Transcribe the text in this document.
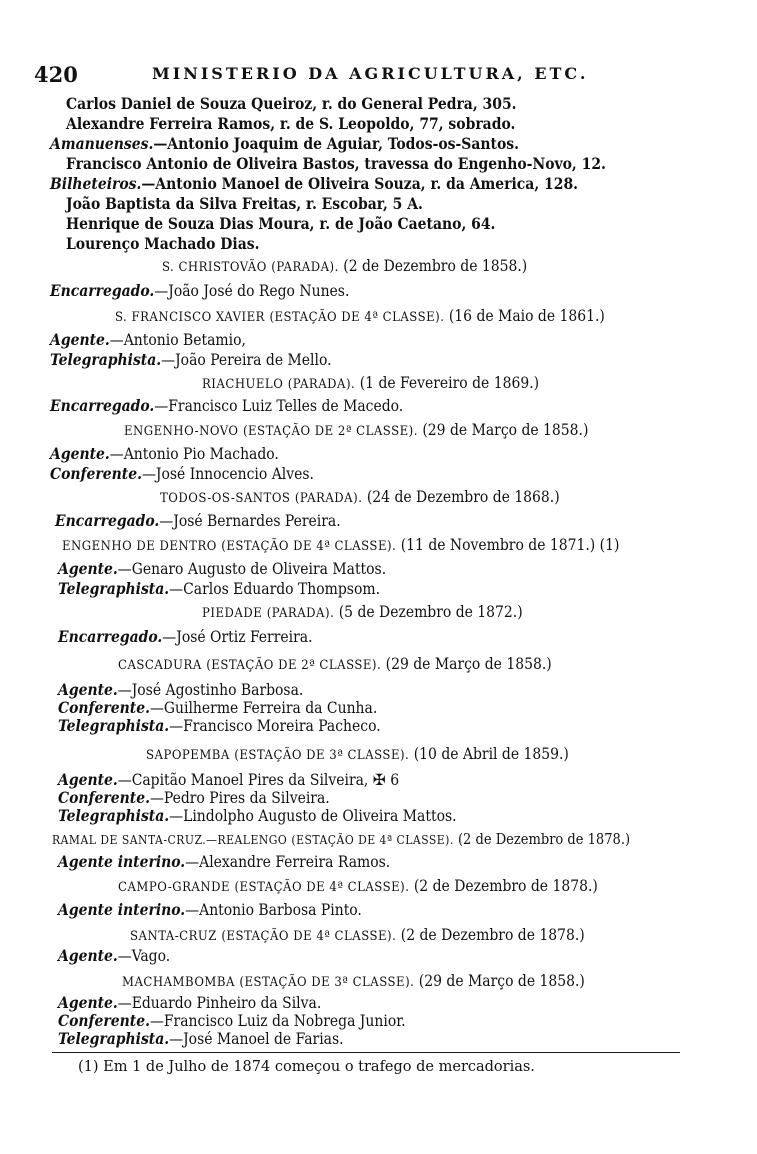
420	MINISTERIO DA AGRICULTURA, ETC.
Carlos Daniel de Souza Queiroz, r. do General Pedra, 305.
Alexandre Ferreira Ramos, r. de S. Leopoldo, 77, sobrado.
Amanuenses.—Antonio Joaquim de Aguiar, Todos-os-Santos.
Francisco Antonio de Oliveira Bastos, travessa do Engenho-Novo, 12.
Bilheteiros.—Antonio Manoel de Oliveira Souza, r. da America, 128.
João Baptista da Silva Freitas, r. Escobar, 5 A.
Henrique de Souza Dias Moura, r. de João Caetano, 64.
Lourenço Machado Dias.
S. CHRISTOVÃO (PARADA). (2 de Dezembro de 1858.)
Encarregado.—João José do Rego Nunes.
S. FRANCISCO XAVIER (ESTAÇÃO DE 4ª CLASSE). (16 de Maio de 1861.)
Agente.—Antonio Betamio,
Telegraphista.—João Pereira de Mello.
RIACHUELO (PARADA). (1 de Fevereiro de 1869.)
Encarregado.—Francisco Luiz Telles de Macedo.
ENGENHO-NOVO (ESTAÇÃO DE 2ª CLASSE). (29 de Março de 1858.)
Agente.—Antonio Pio Machado.
Conferente.—José Innocencio Alves.
TODOS-OS-SANTOS (PARADA). (24 de Dezembro de 1868.)
Encarregado.—José Bernardes Pereira.
ENGENHO DE DENTRO (ESTAÇÃO DE 4ª CLASSE). (11 de Novembro de 1871.) (1)
Agente.—Genaro Augusto de Oliveira Mattos.
Telegraphista.—Carlos Eduardo Thompsom.
PIEDADE (PARADA). (5 de Dezembro de 1872.)
Encarregado.—José Ortiz Ferreira.
CASCADURA (ESTAÇÃO DE 2ª CLASSE). (29 de Março de 1858.)
Agente.—José Agostinho Barbosa.
Conferente.—Guilherme Ferreira da Cunha.
Telegraphista.—Francisco Moreira Pacheco.
SAPOPEMBA (ESTAÇÃO DE 3ª CLASSE). (10 de Abril de 1859.)
Agente.—Capitão Manoel Pires da Silveira, ✠ 6
Conferente.—Pedro Pires da Silveira.
Telegraphista.—Lindolpho Augusto de Oliveira Mattos.
RAMAL DE SANTA-CRUZ.—REALENGO (ESTAÇÃO DE 4ª CLASSE). (2 de Dezembro de 1878.)
Agente interino.—Alexandre Ferreira Ramos.
CAMPO-GRANDE (ESTAÇÃO DE 4ª CLASSE). (2 de Dezembro de 1878.)
Agente interino.—Antonio Barbosa Pinto.
SANTA-CRUZ (ESTAÇÃO DE 4ª CLASSE). (2 de Dezembro de 1878.)
Agente.—Vago.
MACHAMBOMBA (ESTAÇÃO DE 3ª CLASSE). (29 de Março de 1858.)
Agente.—Eduardo Pinheiro da Silva.
Conferente.—Francisco Luiz da Nobrega Junior.
Telegraphista.—José Manoel de Farias.
(1) Em 1 de Julho de 1874 começou o trafego de mercadorias.
